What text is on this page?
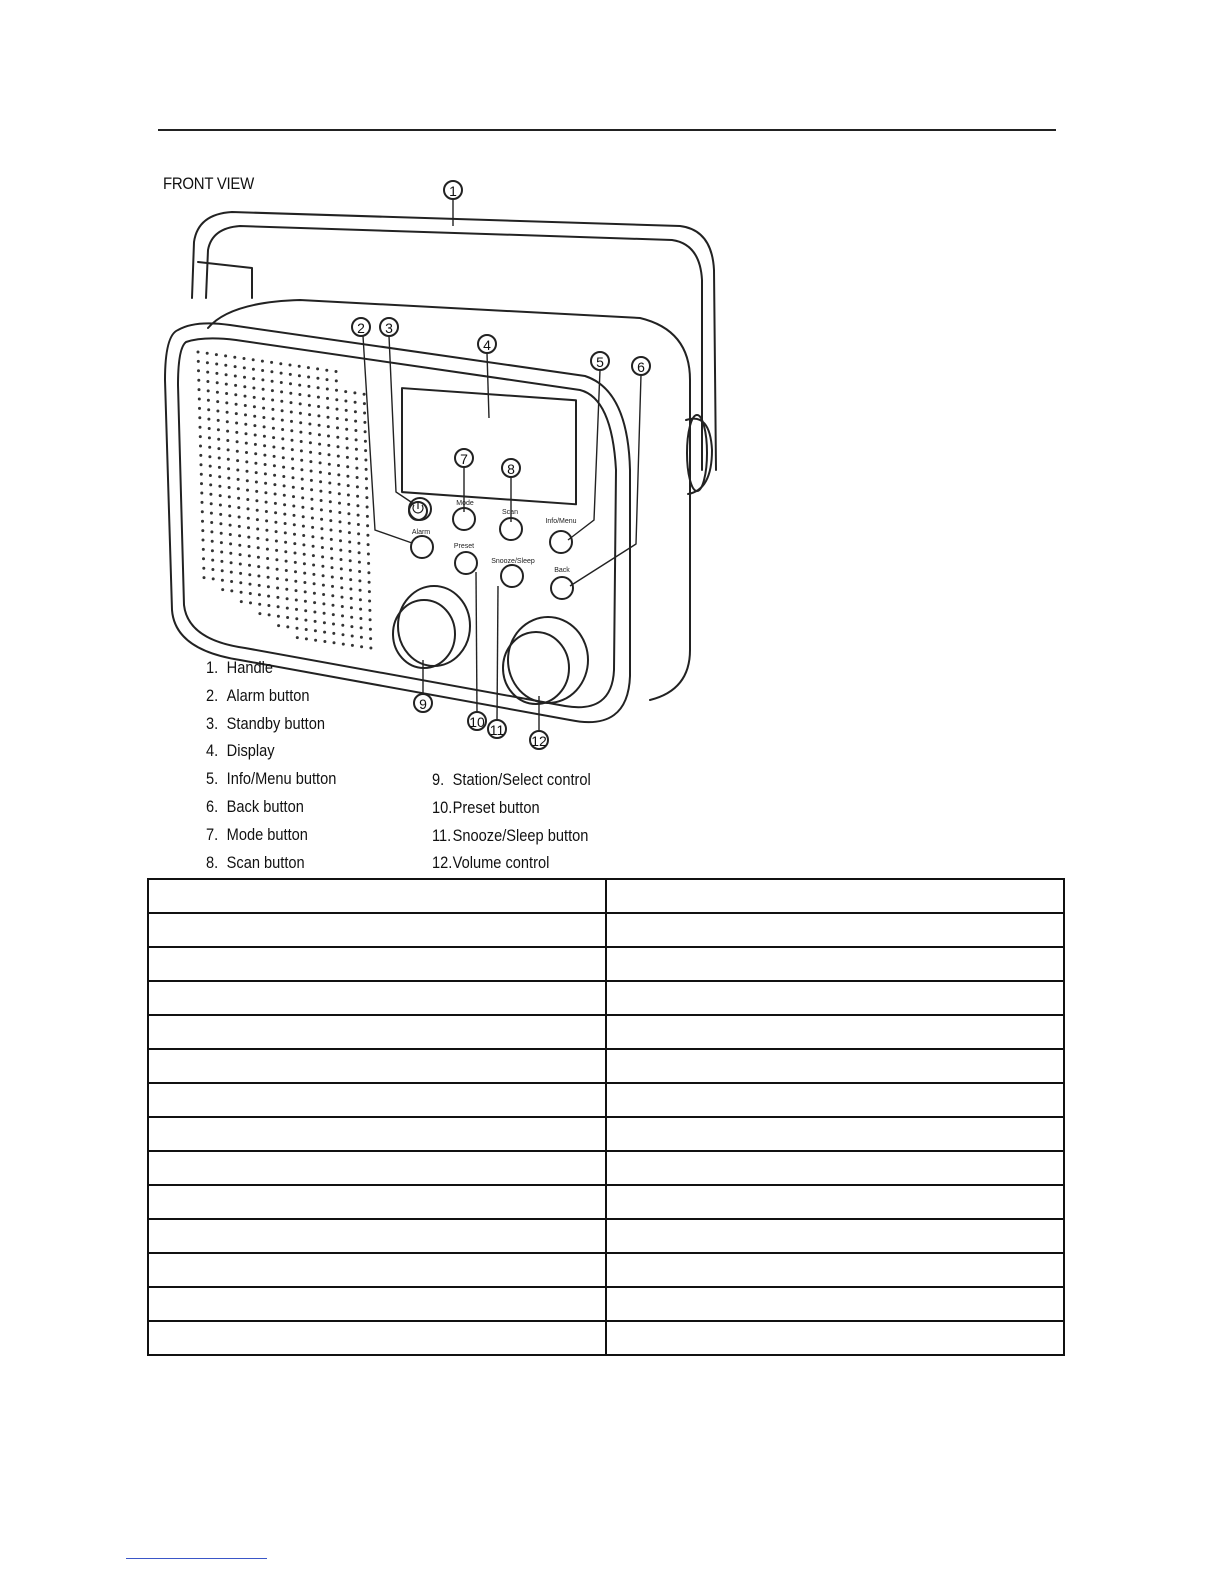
FRONT VIEW	1
2 3
4
5 6
7
8
9
10 11
12
Alarm
Mode
Scan
Info/Menu
Preset
Snooze/Sleep
Back
1. Handle
2. Alarm button
3. Standby button
4. Display
5. Info/Menu button
6. Back button
7. Mode button
8. Scan button
9. Station/Select control
10.Preset button
11.Snooze/Sleep button
12.Volume control
